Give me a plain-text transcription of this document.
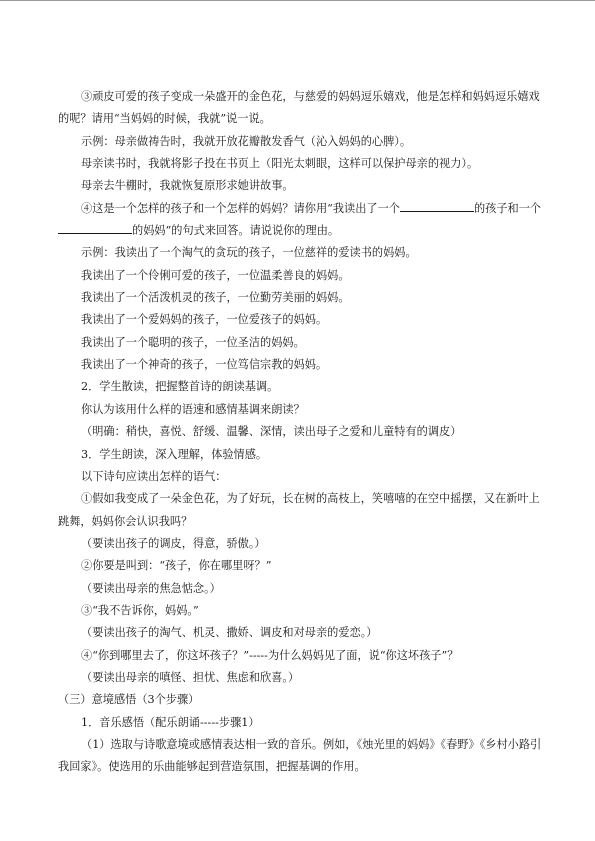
③顽皮可爱的孩子变成一朵盛开的金色花，与慈爱的妈妈逗乐嬉戏，他是怎样和妈妈逗乐嬉戏的呢？请用“当妈妈的时候，我就”说一说。

示例：母亲做祷告时，我就开放花瓣散发香气（沁入妈妈的心脾）。

母亲读书时，我就将影子投在书页上（阳光太刺眼，这样可以保护母亲的视力）。

母亲去牛棚时，我就恢复原形求她讲故事。

④这是一个怎样的孩子和一个怎样的妈妈？请你用“我读出了一个	的孩子和一个的妈妈”的句式来回答。请说说你的理由。

示例：我读出了一个淘气的贪玩的孩子，一位慈祥的爱读书的妈妈。

我读出了一个伶俐可爱的孩子，一位温柔善良的妈妈。

我读出了一个活泼机灵的孩子，一位勤劳美丽的妈妈。

我读出了一个爱妈妈的孩子，一位爱孩子的妈妈。

我读出了一个聪明的孩子，一位圣洁的妈妈。

我读出了一个神奇的孩子，一位笃信宗教的妈妈。

2．学生散读，把握整首诗的朗读基调。

你认为该用什么样的语速和感情基调来朗读？

（明确：稍快，喜悦、舒缓、温馨、深情，读出母子之爱和儿童特有的调皮）

3．学生朗读，深入理解，体验情感。

以下诗句应读出怎样的语气：

①假如我变成了一朵金色花，为了好玩，长在树的高枝上，笑嘻嘻的在空中摇摆，又在新叶上跳舞，妈妈你会认识我吗？

（要读出孩子的调皮，得意，骄傲。）

②你要是叫到：“孩子，你在哪里呀？”

（要读出母亲的焦急惦念。）

③“我不告诉你，妈妈。”

（要读出孩子的淘气、机灵、撒娇、调皮和对母亲的爱恋。）

④“你到哪里去了，你这坏孩子？”-----为什么妈妈见了面，说“你这坏孩子”？

（要读出母亲的嗔怪、担忧、焦虑和欣喜。）

（三）意境感悟（3个步骤）

1．音乐感悟（配乐朗诵-----步骤1）

（1）选取与诗歌意境或感情表达相一致的音乐。例如，《烛光里的妈妈》《春野》《乡村小路引我回家》。使选用的乐曲能够起到营造氛围，把握基调的作用。
